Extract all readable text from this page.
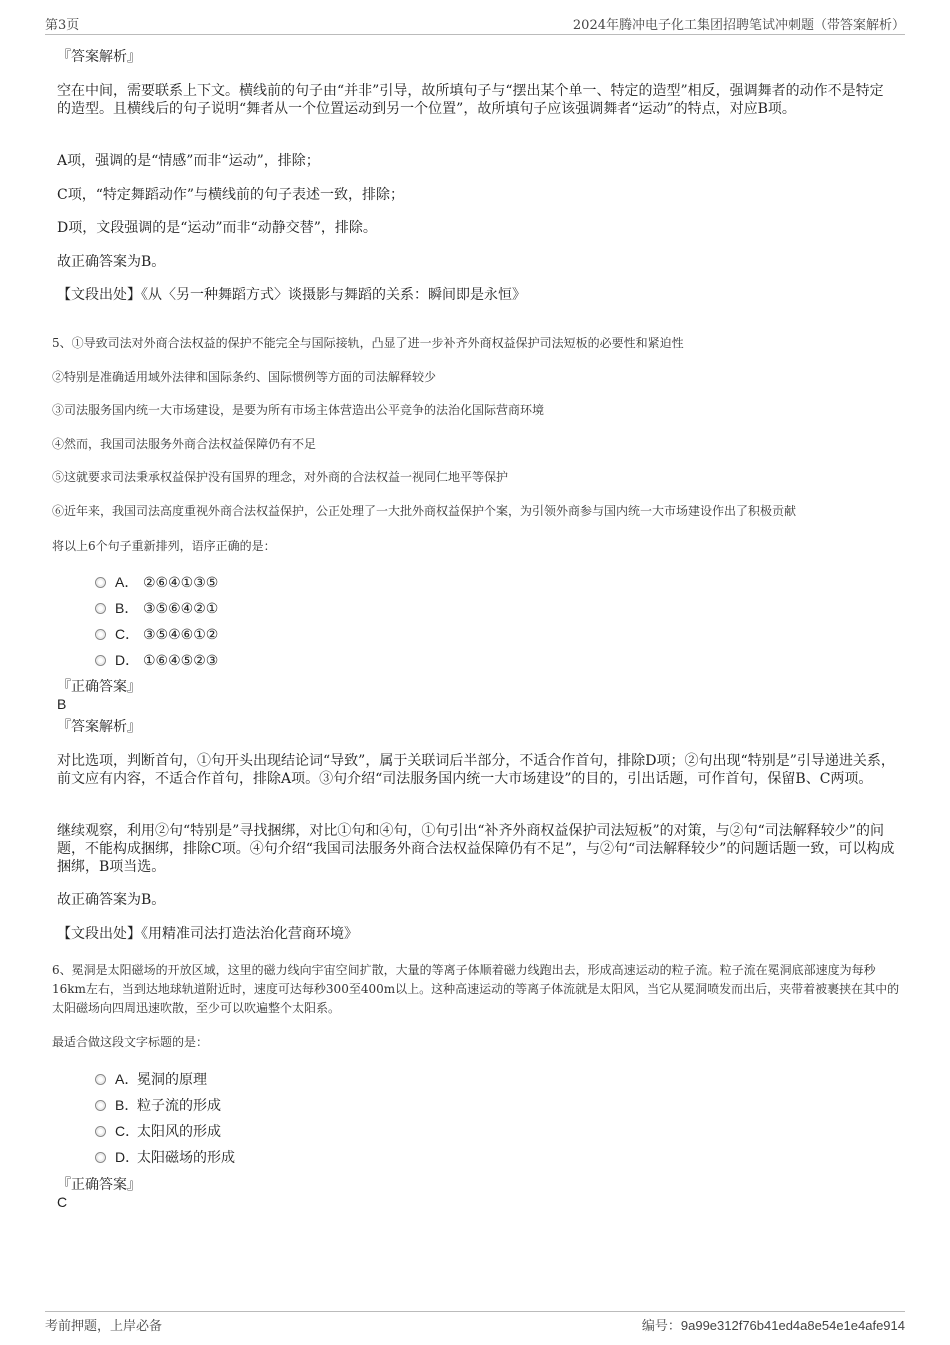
第3页	2024年腾冲电子化工集团招聘笔试冲刺题（带答案解析）
『答案解析』
空在中间，需要联系上下文。横线前的句子由“并非”引导，故所填句子与“摆出某个单一、特定的造型”相反，强调舞者的动作不是特定的造型。且横线后的句子说明“舞者从一个位置运动到另一个位置”，故所填句子应该强调舞者“运动”的特点，对应B项。
A项，强调的是“情感”而非“运动”，排除；
C项，“特定舞蹈动作”与横线前的句子表述一致，排除；
D项，文段强调的是“运动”而非“动静交替”，排除。
故正确答案为B。
【文段出处】《从〈另一种舞蹈方式〉谈摄影与舞蹈的关系：瞬间即是永恒》
5、①导致司法对外商合法权益的保护不能完全与国际接轨，凸显了进一步补齐外商权益保护司法短板的必要性和紧迫性
②特别是准确适用域外法律和国际条约、国际惯例等方面的司法解释较少
③司法服务国内统一大市场建设，是要为所有市场主体营造出公平竞争的法治化国际营商环境
④然而，我国司法服务外商合法权益保障仍有不足
⑤这就要求司法秉承权益保护没有国界的理念，对外商的合法权益一视同仁地平等保护
⑥近年来，我国司法高度重视外商合法权益保护，公正处理了一大批外商权益保护个案，为引领外商参与国内统一大市场建设作出了积极贡献
将以上6个句子重新排列，语序正确的是：
A． ②⑥④①③⑤
B． ③⑤⑥④②①
C． ③⑤④⑥①②
D． ①⑥④⑤②③
『正确答案』
B
『答案解析』
对比选项，判断首句，①句开头出现结论词“导致”，属于关联词后半部分，不适合作首句，排除D项；②句出现“特别是”引导递进关系，前文应有内容，不适合作首句，排除A项。③句介绍“司法服务国内统一大市场建设”的目的，引出话题，可作首句，保留B、C两项。
继续观察，利用②句“特别是”寻找捆绑，对比①句和④句，①句引出“补齐外商权益保护司法短板”的对策，与②句“司法解释较少”的问题，不能构成捆绑，排除C项。④句介绍“我国司法服务外商合法权益保障仍有不足”，与②句“司法解释较少”的问题话题一致，可以构成捆绑，B项当选。
故正确答案为B。
【文段出处】《用精准司法打造法治化营商环境》
6、冕洞是太阳磁场的开放区域，这里的磁力线向宇宙空间扩散，大量的等离子体顺着磁力线跑出去，形成高速运动的粒子流。粒子流在冕洞底部速度为每秒16km左右，当到达地球轨道附近时，速度可达每秒300至400m以上。这种高速运动的等离子体流就是太阳风，当它从冕洞喷发而出后，夹带着被裹挟在其中的太阳磁场向四周迅速吹散，至少可以吹遍整个太阳系。
最适合做这段文字标题的是：
A．冕洞的原理
B．粒子流的形成
C．太阳风的形成
D．太阳磁场的形成
『正确答案』
C
考前押题，上岸必备	编号：9a99e312f76b41ed4a8e54e1e4afe914
